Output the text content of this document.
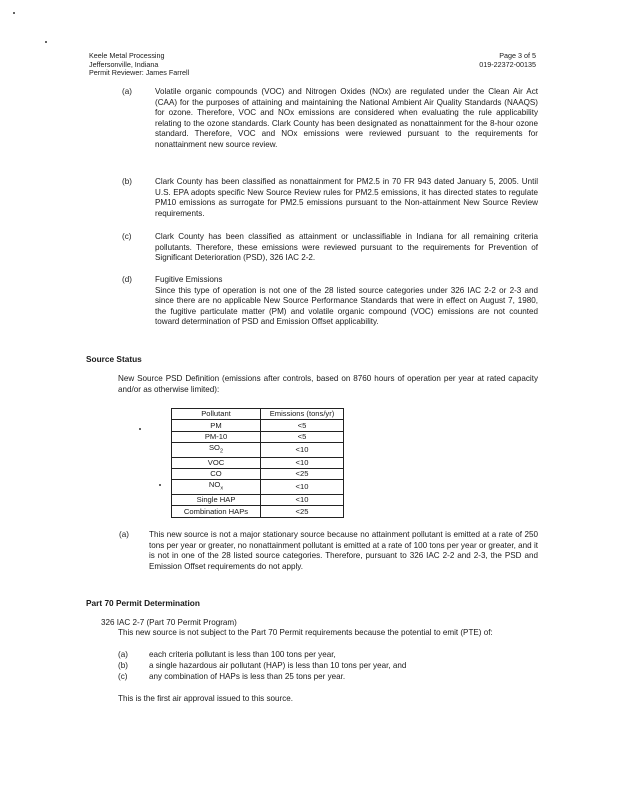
Keele Metal Processing
Jeffersonville, Indiana
Permit Reviewer: James Farrell
Page 3 of 5
019-22372-00135
(a)	Volatile organic compounds (VOC) and Nitrogen Oxides (NOx) are regulated under the Clean Air Act (CAA) for the purposes of attaining and maintaining the National Ambient Air Quality Standards (NAAQS) for ozone. Therefore, VOC and NOx emissions are considered when evaluating the rule applicability relating to the ozone standards. Clark County has been designated as nonattainment for the 8-hour ozone standard. Therefore, VOC and NOx emissions were reviewed pursuant to the requirements for nonattainment new source review.
(b)	Clark County has been classified as nonattainment for PM2.5 in 70 FR 943 dated January 5, 2005. Until U.S. EPA adopts specific New Source Review rules for PM2.5 emissions, it has directed states to regulate PM10 emissions as surrogate for PM2.5 emissions pursuant to the Non-attainment New Source Review requirements.
(c)	Clark County has been classified as attainment or unclassifiable in Indiana for all remaining criteria pollutants. Therefore, these emissions were reviewed pursuant to the requirements for Prevention of Significant Deterioration (PSD), 326 IAC 2-2.
(d)	Fugitive Emissions
Since this type of operation is not one of the 28 listed source categories under 326 IAC 2-2 or 2-3 and since there are no applicable New Source Performance Standards that were in effect on August 7, 1980, the fugitive particulate matter (PM) and volatile organic compound (VOC) emissions are not counted toward determination of PSD and Emission Offset applicability.
Source Status
New Source PSD Definition (emissions after controls, based on 8760 hours of operation per year at rated capacity and/or as otherwise limited):
Pollutant	Emissions (tons/yr)
PM	<5
PM-10	<5
$SO_2$	<10
VOC	<10
CO	<25
$NO_x$	<10
Single HAP	<10
Combination HAPs	<25
(a) This new source is not a major stationary source because no attainment pollutant is emitted at a rate of 250 tons per year or greater, no nonattainment pollutant is emitted at a rate of 100 tons per year or greater, and it is not in one of the 28 listed source categories. Therefore, pursuant to 326 IAC 2-2 and 2-3, the PSD and Emission Offset requirements do not apply.
Part 70 Permit Determination
326 IAC 2-7 (Part 70 Permit Program)
This new source is not subject to the Part 70 Permit requirements because the potential to emit (PTE) of:
(a)	each criteria pollutant is less than 100 tons per year,
(b)	a single hazardous air pollutant (HAP) is less than 10 tons per year, and
(c)	any combination of HAPs is less than 25 tons per year.
This is the first air approval issued to this source.
